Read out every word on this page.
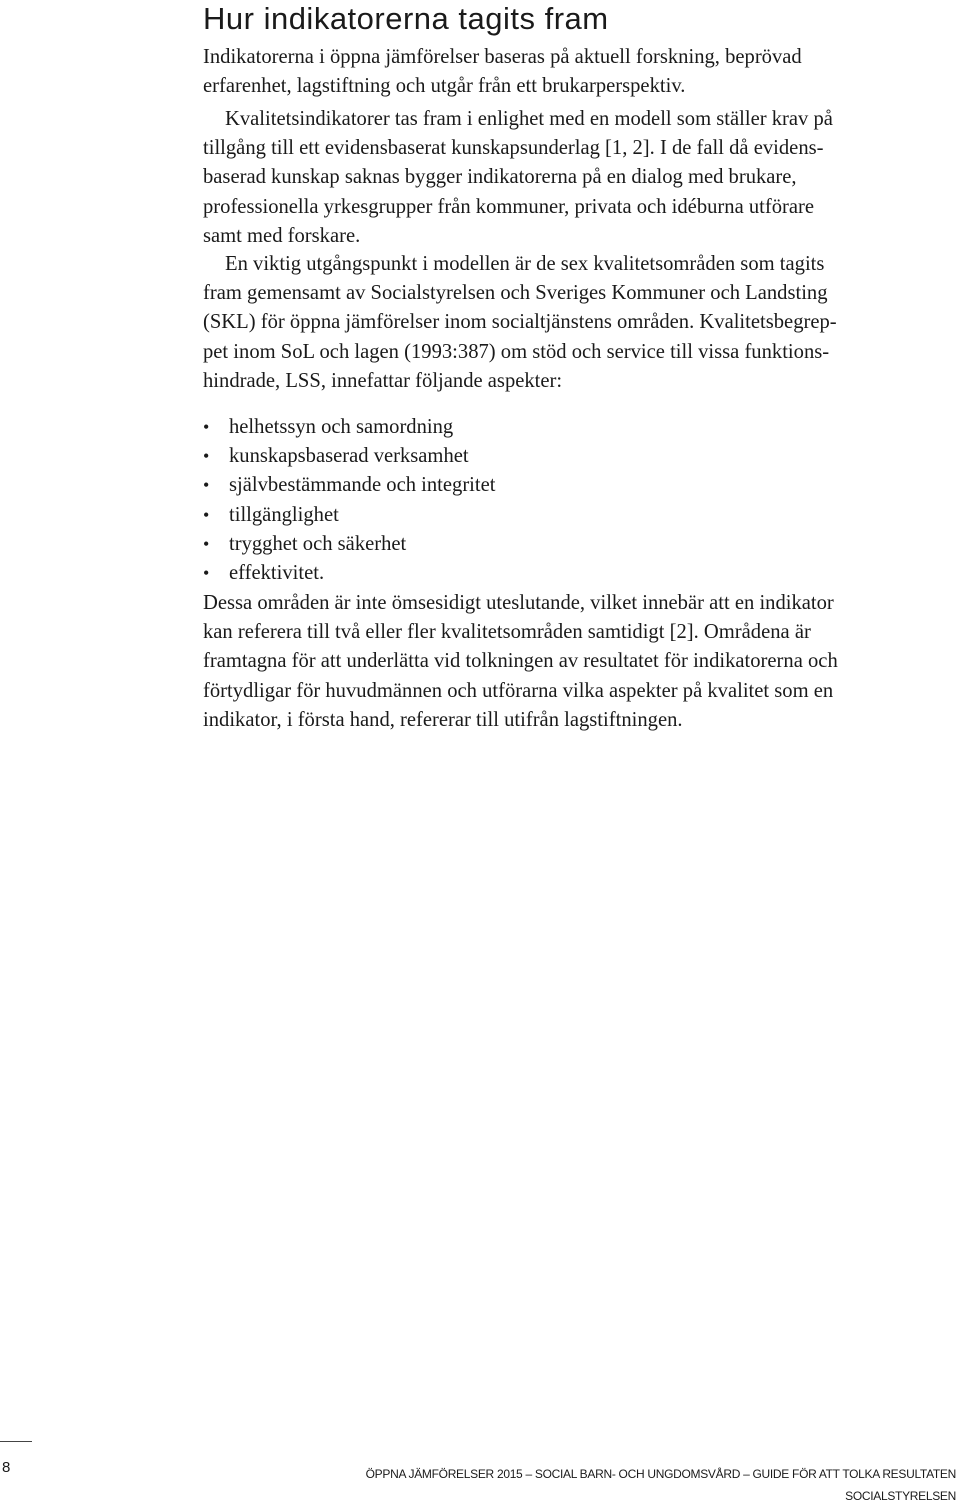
Hur indikatorerna tagits fram
Indikatorerna i öppna jämförelser baseras på aktuell forskning, beprövad
erfarenhet, lagstiftning och utgår från ett brukarperspektiv.
Kvalitetsindikatorer tas fram i enlighet med en modell som ställer krav på
tillgång till ett evidensbaserat kunskapsunderlag [1, 2]. I de fall då evidens-
baserad kunskap saknas bygger indikatorerna på en dialog med brukare,
professionella yrkesgrupper från kommuner, privata och idéburna utförare
samt med forskare.
En viktig utgångspunkt i modellen är de sex kvalitetsområden som tagits
fram gemensamt av Socialstyrelsen och Sveriges Kommuner och Landsting
(SKL) för öppna jämförelser inom socialtjänstens områden. Kvalitetsbegrep-
pet inom SoL och lagen (1993:387) om stöd och service till vissa funktions-
hindrade, LSS, innefattar följande aspekter:
• helhetssyn och samordning
• kunskapsbaserad verksamhet
• självbestämmande och integritet
• tillgänglighet
• trygghet och säkerhet
• effektivitet.
Dessa områden är inte ömsesidigt uteslutande, vilket innebär att en indikator
kan referera till två eller fler kvalitetsområden samtidigt [2]. Områdena är
framtagna för att underlätta vid tolkningen av resultatet för indikatorerna och
förtydligar för huvudmännen och utförarna vilka aspekter på kvalitet som en
indikator, i första hand, refererar till utifrån lagstiftningen.
8	ÖPPNA JÄMFÖRELSER 2015 – SOCIAL BARN- OCH UNGDOMSVÅRD – GUIDE FÖR ATT TOLKA RESULTATEN
SOCIALSTYRELSEN
